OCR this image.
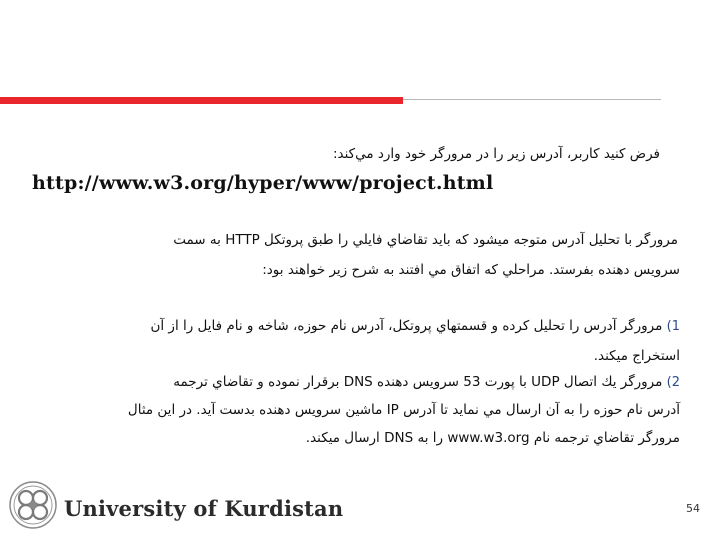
فرض كنيد كاربر، آدرس زير را در مرورگر خود وارد مي‌كند:
http://www.w3.org/hyper/www/project.html
مرورگر با تحليل آدرس متوجه ميشود كه بايد تقاضاي فايلي را طبق پروتكل HTTP به سمت
سرويس دهنده بفرستد. مراحلي كه اتفاق مي افتند به شرح زير خواهند بود:
1) مرورگر آدرس را تحليل كرده و قسمتهاي پروتكل، آدرس نام حوزه، شاخه و نام فايل را از آن
استخراج ميكند.
2) مرورگر يك اتصال UDP با پورت 53 سرويس دهنده DNS برقرار نموده و تقاضاي ترجمه
آدرس نام حوزه را به آن ارسال مي نمايد تا آدرس IP ماشين سرويس دهنده بدست آيد. در اين مثال
مرورگر تقاضاي ترجمه نام www.w3.org را به DNS ارسال ميكند.
University of Kurdistan	54
